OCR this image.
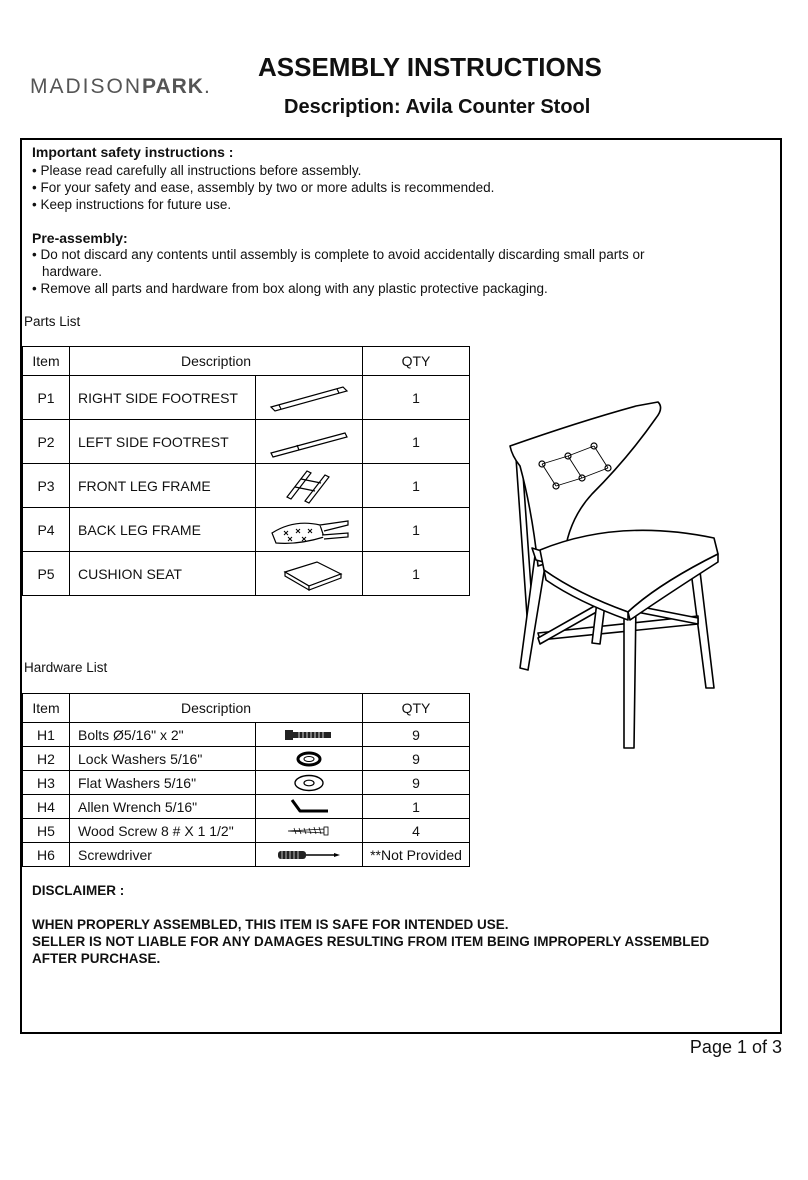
MADISONPARK.
ASSEMBLY INSTRUCTIONS
Description: Avila Counter Stool
Important safety instructions :
• Please read carefully all instructions before assembly.
• For your safety and ease, assembly by two or more adults is recommended.
• Keep instructions for future use.
Pre-assembly:
• Do not discard any contents until assembly is complete to avoid accidentally discarding small parts or
hardware.
• Remove all parts and hardware from box along with any plastic protective packaging.
Parts List
Item	Description		QTY
P1	RIGHT SIDE FOOTREST		1
P2	LEFT SIDE FOOTREST		1
P3	FRONT LEG FRAME		1
P4	BACK LEG FRAME		1
P5	CUSHION SEAT		1
Hardware List
Item	Description		QTY
H1	Bolts Ø5/16" x 2"		9
H2	Lock Washers 5/16"		9
H3	Flat Washers 5/16"		9
H4	Allen Wrench 5/16"		1
H5	Wood Screw 8 # X 1 1/2"		4
H6	Screwdriver		**Not Provided
DISCLAIMER :
WHEN PROPERLY ASSEMBLED, THIS ITEM IS SAFE FOR INTENDED USE.
SELLER IS NOT LIABLE FOR ANY DAMAGES RESULTING FROM ITEM BEING IMPROPERLY ASSEMBLED
AFTER PURCHASE.
Page 1 of 3
